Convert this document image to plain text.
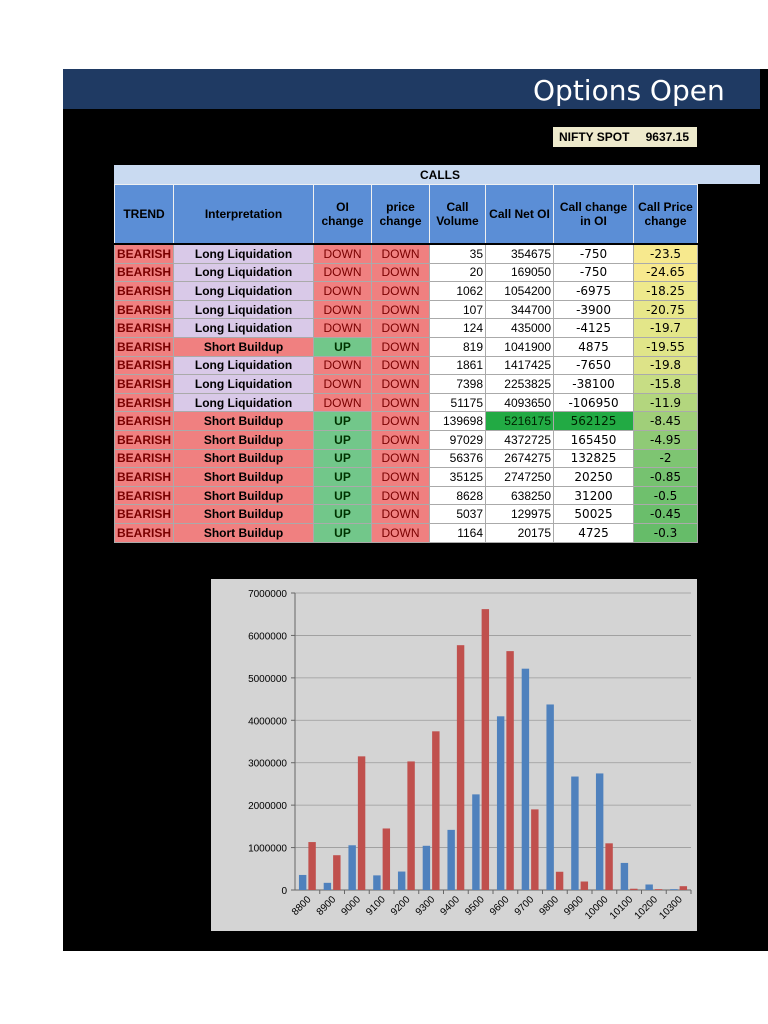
Options Open
NIFTY SPOT 9637.15
CALLS
TREND	Interpretation	OI change	price change	Call Volume	Call Net OI	Call change in OI	Call Price change
BEARISH	Long Liquidation	DOWN	DOWN	35	354675	-750	-23.5
BEARISH	Long Liquidation	DOWN	DOWN	20	169050	-750	-24.65
BEARISH	Long Liquidation	DOWN	DOWN	1062	1054200	-6975	-18.25
BEARISH	Long Liquidation	DOWN	DOWN	107	344700	-3900	-20.75
BEARISH	Long Liquidation	DOWN	DOWN	124	435000	-4125	-19.7
BEARISH	Short Buildup	UP	DOWN	819	1041900	4875	-19.55
BEARISH	Long Liquidation	DOWN	DOWN	1861	1417425	-7650	-19.8
BEARISH	Long Liquidation	DOWN	DOWN	7398	2253825	-38100	-15.8
BEARISH	Long Liquidation	DOWN	DOWN	51175	4093650	-106950	-11.9
BEARISH	Short Buildup	UP	DOWN	139698	5216175	562125	-8.45
BEARISH	Short Buildup	UP	DOWN	97029	4372725	165450	-4.95
BEARISH	Short Buildup	UP	DOWN	56376	2674275	132825	-2
BEARISH	Short Buildup	UP	DOWN	35125	2747250	20250	-0.85
BEARISH	Short Buildup	UP	DOWN	8628	638250	31200	-0.5
BEARISH	Short Buildup	UP	DOWN	5037	129975	50025	-0.45
BEARISH	Short Buildup	UP	DOWN	1164	20175	4725	-0.3
0
1000000
2000000
3000000
4000000
5000000
6000000
7000000
8800 8900 9000 9100 9200 9300 9400 9500 9600 9700 9800 9900
10000
10100
10200
10300
